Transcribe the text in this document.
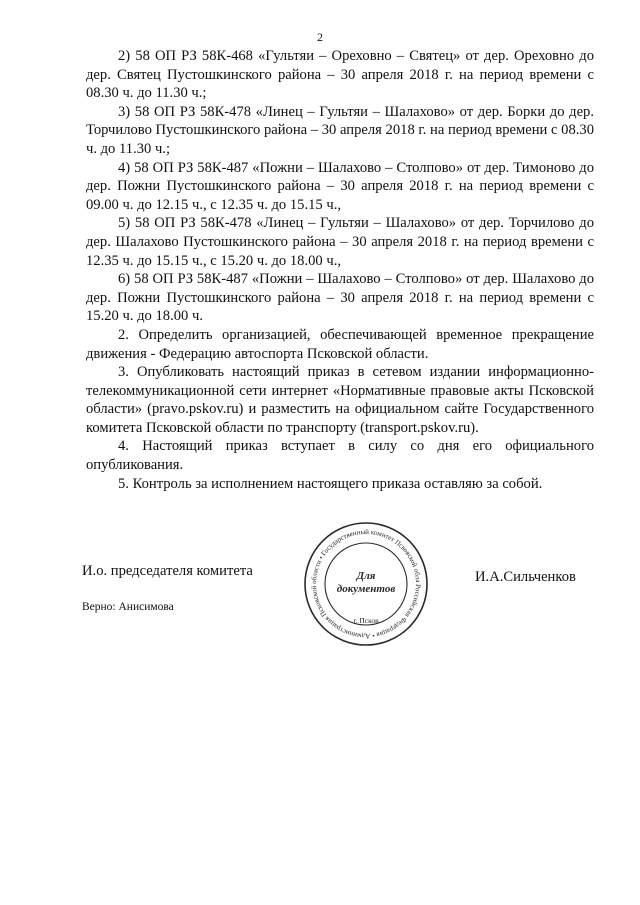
2

2) 58 ОП РЗ 58К-468 «Гультяи – Ореховно – Святец» от дер. Ореховно до дер. Святец Пустошкинского района – 30 апреля 2018 г. на период времени с 08.30 ч. до 11.30 ч.;

3) 58 ОП РЗ 58К-478 «Линец – Гультяи – Шалахово» от дер. Борки до дер. Торчилово Пустошкинского района – 30 апреля 2018 г. на период времени с 08.30 ч. до 11.30 ч.;

4) 58 ОП РЗ 58К-487 «Пожни – Шалахово – Столпово» от дер. Тимоново до дер. Пожни Пустошкинского района – 30 апреля 2018 г. на период времени с 09.00 ч. до 12.15 ч., с 12.35 ч. до 15.15 ч.,

5) 58 ОП РЗ 58К-478 «Линец – Гультяи – Шалахово» от дер. Торчилово до дер. Шалахово Пустошкинского района – 30 апреля 2018 г. на период времени с 12.35 ч. до 15.15 ч., с 15.20 ч. до 18.00 ч.,

6) 58 ОП РЗ 58К-487 «Пожни – Шалахово – Столпово» от дер. Шалахово до дер. Пожни Пустошкинского района – 30 апреля 2018 г. на период времени с 15.20 ч. до 18.00 ч.

2. Определить организацией, обеспечивающей временное прекращение движения - Федерацию автоспорта Псковской области.

3. Опубликовать настоящий приказ в сетевом издании информационно-телекоммуникационной сети интернет «Нормативные правовые акты Псковской области» (pravo.pskov.ru) и разместить на официальном сайте Государственного комитета Псковской области по транспорту (transport.pskov.ru).

4. Настоящий приказ вступает в силу со дня его официального опубликования.

5. Контроль за исполнением настоящего приказа оставляю за собой.

И.о. председателя комитета	И.А.Сильченков
Верно: Анисимова
Российская Федерация • Администрация Псковской области • Государственный комитет Псковской обла
Для
документов
г. Псков
